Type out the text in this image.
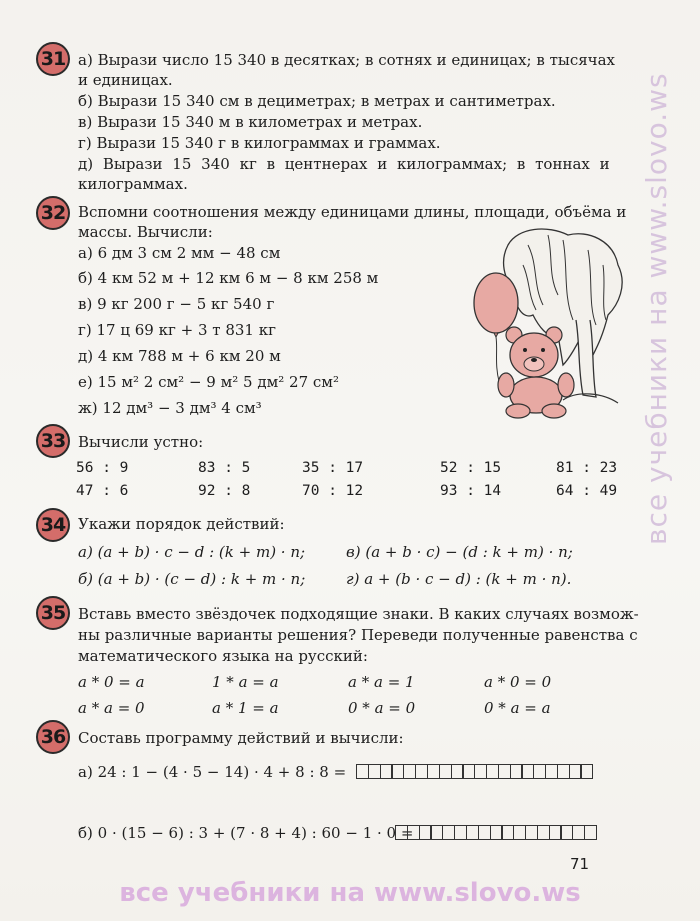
31 а) Вырази число 15 340 в десятках; в сотнях и единицах; в тысячах
и единицах.
б) Вырази 15 340 см в дециметрах; в метрах и сантиметрах.
в) Вырази 15 340 м в километрах и метрах.
г) Вырази 15 340 г в килограммах и граммах.
д) Вырази 15 340 кг в центнерах и килограммах; в тоннах и
килограммах.
32 Вспомни соотношения между единицами длины, площади, объёма и
массы. Вычисли:
а) 6 дм 3 см 2 мм − 48 см
б) 4 км 52 м + 12 км 6 м − 8 км 258 м
в) 9 кг 200 г − 5 кг 540 г
г) 17 ц 69 кг + 3 т 831 кг
д) 4 км 788 м + 6 км 20 м
е) 15 м² 2 см² − 9 м² 5 дм² 27 см²
ж) 12 дм³ − 3 дм³ 4 см³
33 Вычисли устно:
56 : 9	83 : 5	35 : 17	52 : 15	81 : 23
47 : 6	92 : 8	70 : 12	93 : 14	64 : 49
34 Укажи порядок действий:
а) (a + b) · c − d : (k + m) · n;	в) (a + b · c) − (d : k + m) · n;
б) (a + b) · (c − d) : k + m · n;	г) a + (b · c − d) : (k + m · n).
35 Вставь вместо звёздочек подходящие знаки. В каких случаях возмож-
ны различные варианты решения? Переведи полученные равенства с
математического языка на русский:
a * 0 = a	1 * a = a	a * a = 1	a * 0 = 0
a * a = 0	a * 1 = a	0 * a = 0	0 * a = a
36 Составь программу действий и вычисли:
а) 24 : 1 − (4 · 5 − 14) · 4 + 8 : 8 =
б) 0 · (15 − 6) : 3 + (7 · 8 + 4) : 60 − 1 · 0 =
71
все учебники на www.slovo.ws
все учебники на www.slovo.ws
